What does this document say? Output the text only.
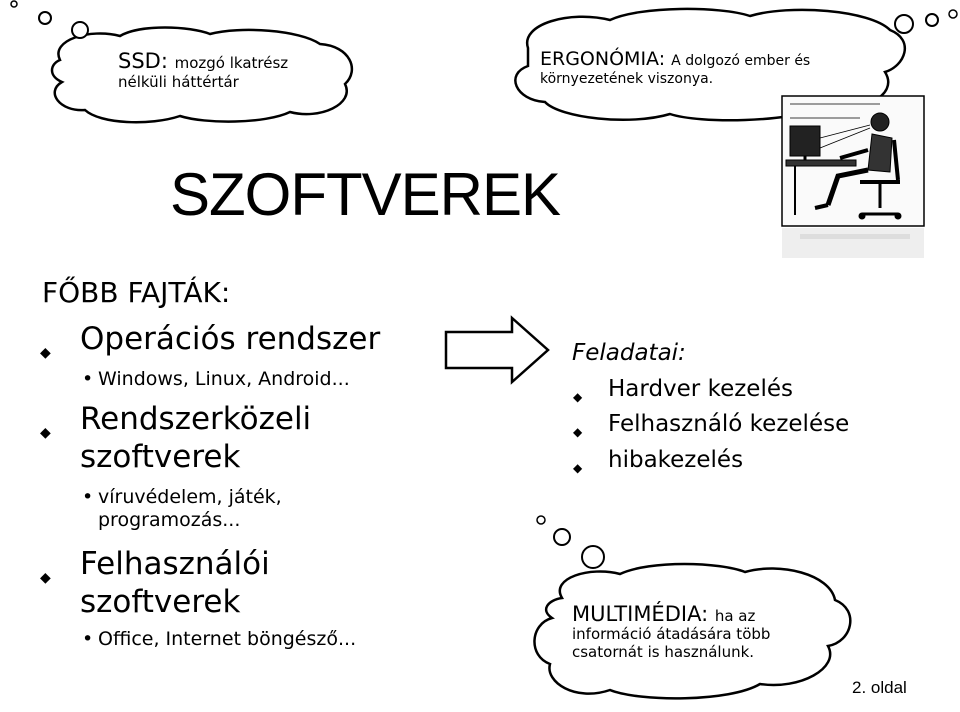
SSD: mozgó lkatrész nélküli háttértár
ERGONÓMIA: A dolgozó ember és környezetének viszonya.
SZOFTVEREK
FŐBB FAJTÁK:
◆ Operációs rendszer
• Windows, Linux, Android...
◆ Rendszerközeli
szoftverek
• víruvédelem, játék,
programozás...
◆ Felhasználói
szoftverek
• Office, Internet böngésző...
Feladatai:
◆ Hardver kezelés
◆ Felhasználó kezelése
◆ hibakezelés
MULTIMÉDIA: ha az
információ átadására több
csatornát is használunk.
2. oldal
